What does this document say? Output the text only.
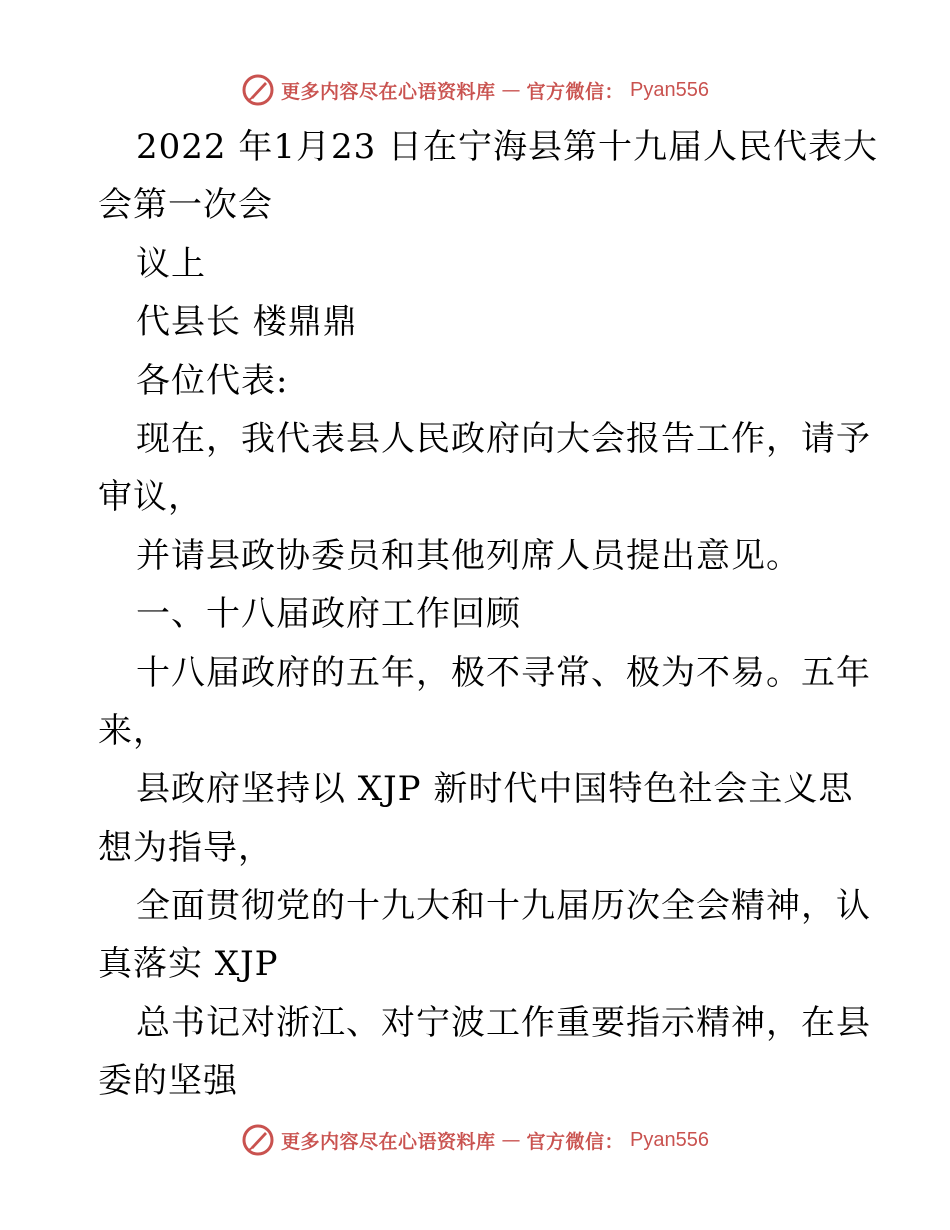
更多内容尽在心语资料库 — 官方微信： Pyan556
2022 年1月23 日在宁海县第十九届人民代表大
会第一次会
议上
代县长 楼鼎鼎
各位代表:
现在，我代表县人民政府向大会报告工作，请予
审议，
并请县政协委员和其他列席人员提出意见。
一、十八届政府工作回顾
十八届政府的五年，极不寻常、极为不易。五年
来，
县政府坚持以 XJP 新时代中国特色社会主义思
想为指导，
全面贯彻党的十九大和十九届历次全会精神，认
真落实 XJP
总书记对浙江、对宁波工作重要指示精神，在县
委的坚强
更多内容尽在心语资料库 — 官方微信： Pyan556
